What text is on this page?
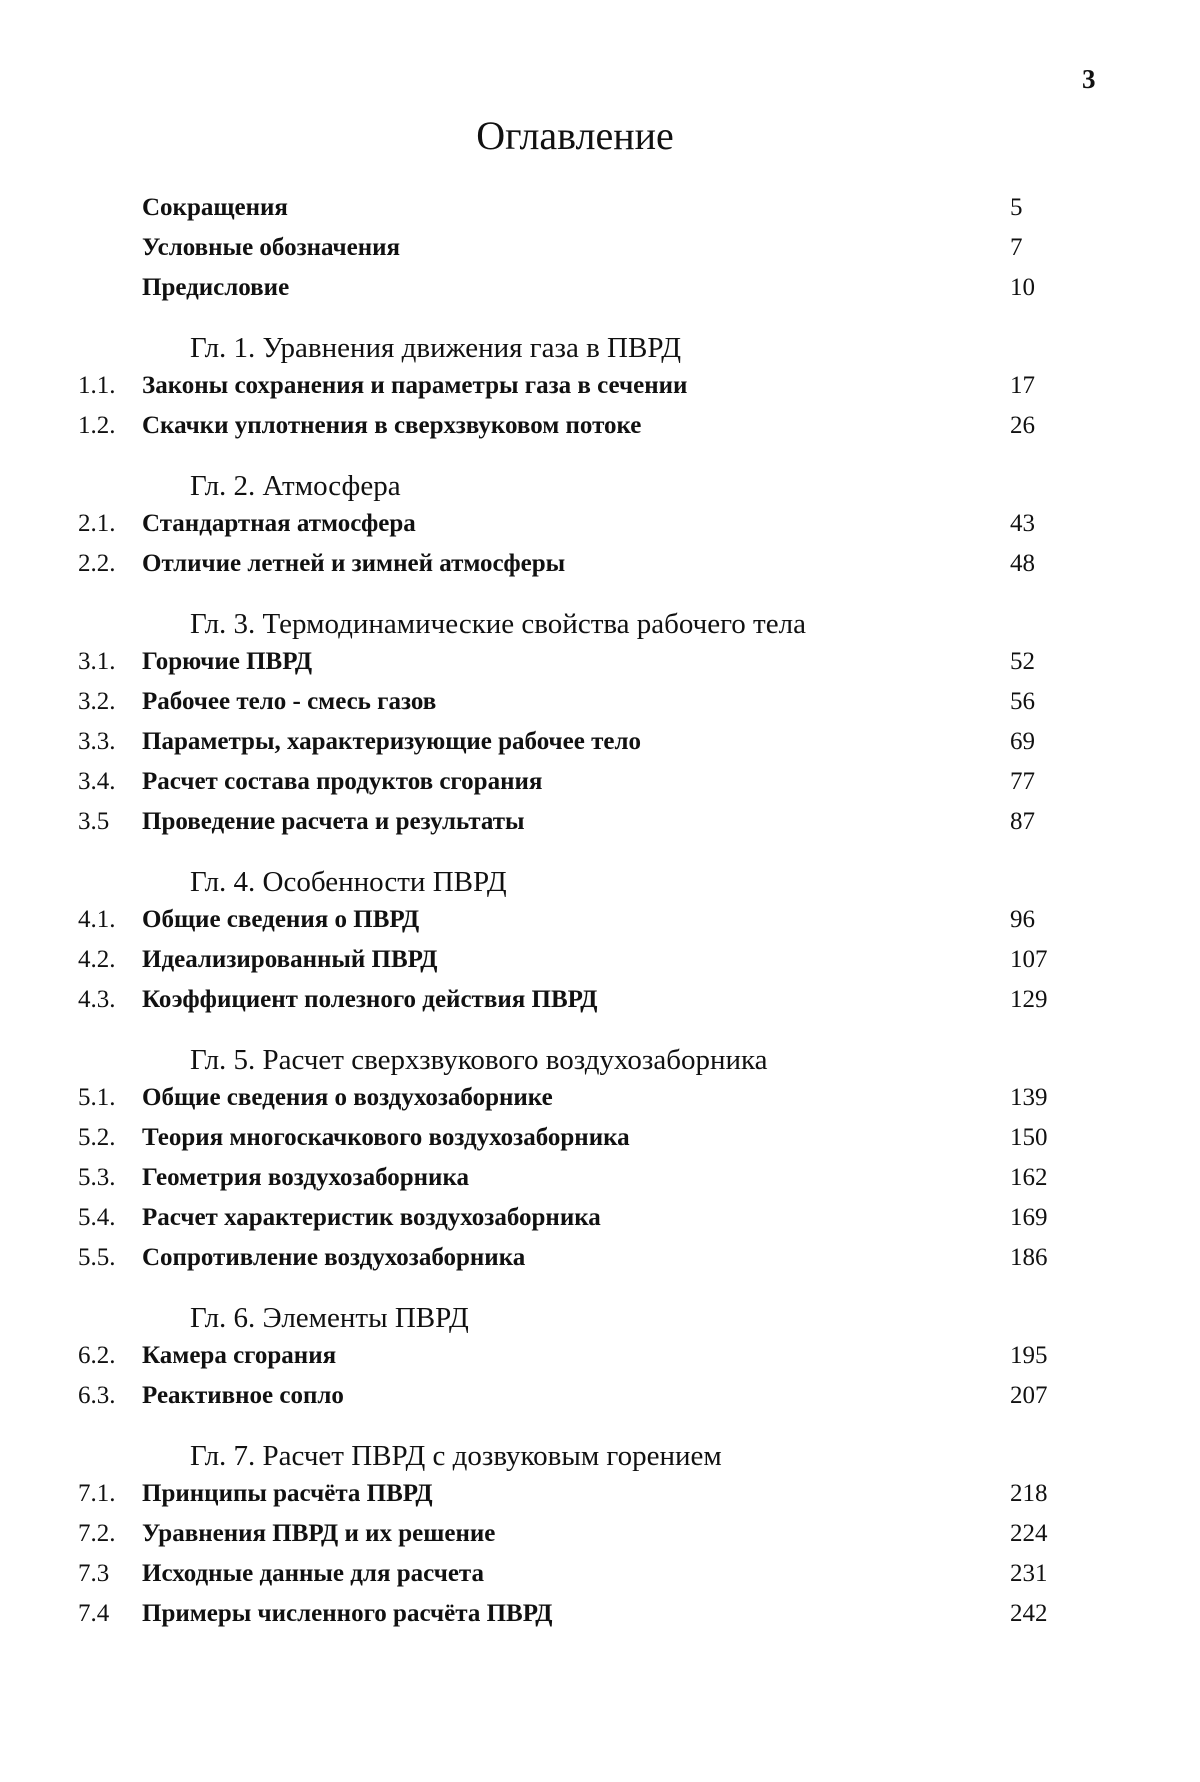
3
Оглавление
Сокращения	5
Условные обозначения	7
Предисловие	10
Гл. 1. Уравнения движения газа в ПВРД
1.1.	Законы сохранения и параметры газа в сечении	17
1.2.	Скачки уплотнения в сверхзвуковом потоке	26
Гл. 2. Атмосфера
2.1.	Стандартная атмосфера	43
2.2.	Отличие летней и зимней атмосферы	48
Гл. 3. Термодинамические свойства рабочего тела
3.1.	Горючие ПВРД	52
3.2.	Рабочее тело - смесь газов	56
3.3.	Параметры, характеризующие рабочее тело	69
3.4.	Расчет состава продуктов сгорания	77
3.5	Проведение расчета и результаты	87
Гл. 4. Особенности ПВРД
4.1.	Общие сведения о ПВРД	96
4.2.	Идеализированный ПВРД	107
4.3.	Коэффициент полезного действия ПВРД	129
Гл. 5. Расчет сверхзвукового воздухозаборника
5.1.	Общие сведения о воздухозаборнике	139
5.2.	Теория многоскачкового воздухозаборника	150
5.3.	Геометрия воздухозаборника	162
5.4.	Расчет характеристик воздухозаборника	169
5.5.	Сопротивление воздухозаборника	186
Гл. 6. Элементы ПВРД
6.2.	Камера сгорания	195
6.3.	Реактивное сопло	207
Гл. 7. Расчет ПВРД с дозвуковым горением
7.1.	Принципы расчёта ПВРД	218
7.2.	Уравнения ПВРД и их решение	224
7.3	Исходные данные для расчета	231
7.4	Примеры численного расчёта ПВРД	242
